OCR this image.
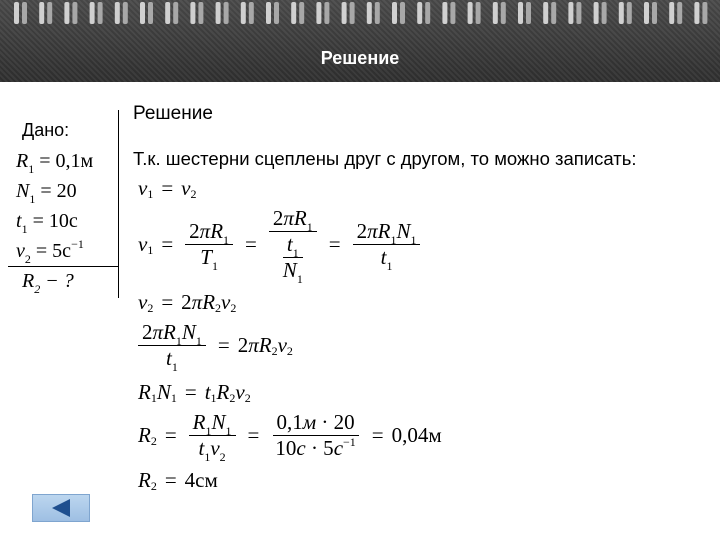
Решение
Дано:
Решение
Т.к. шестерни сцеплены друг с другом, то можно записать:
$R_1 = 0,1м$
$N_1 = 20$
$t_1 = 10с$
$\nu_2 = 5с^{-1}$
$R_2$ − ?
ν 1 = ν 2
ν $1 = \frac{2\pi R_1}{T_1} = \frac{2\pi R_1}{\frac{t_1}{N_1}} = \frac{2\pi R_1N_1}{t_1}$
ν 2 = 2 πR 2 ν 2
$\frac{2\pi R_1N_1}{t_1} = 2$ πR 2 ν 2
R 1 N 1 = t 1 R 2 ν 2
R $2 = \frac{R_1N_1}{t_1\nu_2} = \frac{0,1м \cdot 20}{10с \cdot 5с^{-1}} = 0,04м$
R 2 = 4см
